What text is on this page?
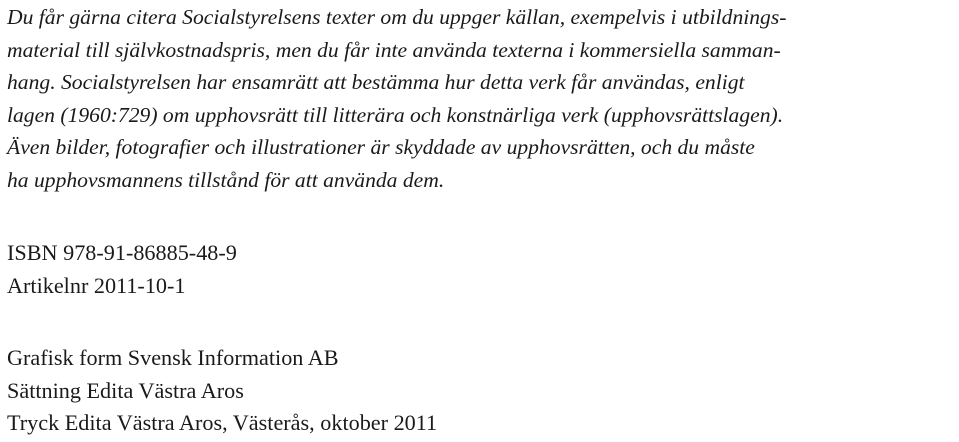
Du får gärna citera Socialstyrelsens texter om du uppger källan, exempelvis i utbildnings-
material till självkostnadspris, men du får inte använda texterna i kommersiella samman-
hang. Socialstyrelsen har ensamrätt att bestämma hur detta verk får användas, enligt
lagen (1960:729) om upphovsrätt till litterära och konstnärliga verk (upphovsrättslagen).
Även bilder, fotografier och illustrationer är skyddade av upphovsrätten, och du måste
ha upphovsmannens tillstånd för att använda dem.

ISBN 978-91-86885-48-9

Artikelnr 2011-10-1

Grafisk form Svensk Information AB

Sättning Edita Västra Aros

Tryck Edita Västra Aros, Västerås, oktober 2011
